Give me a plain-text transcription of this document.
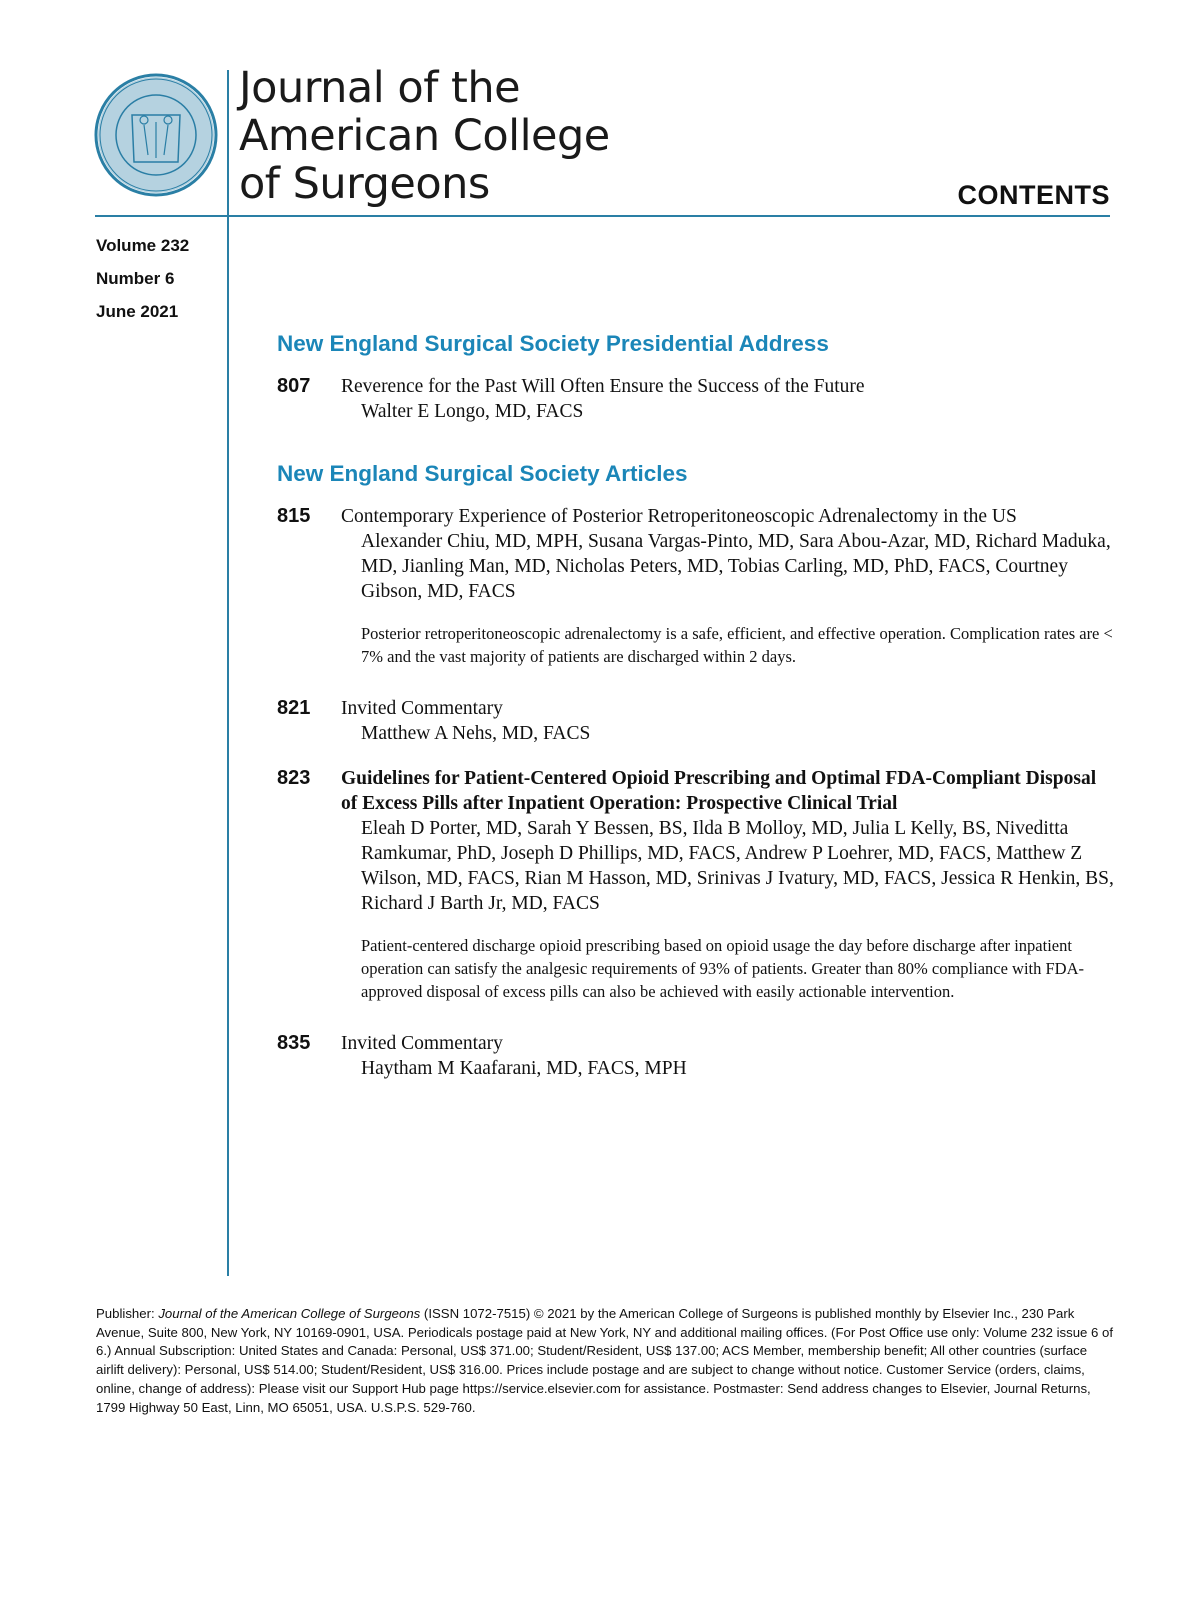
Journal of the
American College
of Surgeons	CONTENTS
Volume 232
Number 6
June 2021
New England Surgical Society Presidential Address
807 Reverence for the Past Will Often Ensure the Success of the Future
Walter E Longo, MD, FACS
New England Surgical Society Articles
815 Contemporary Experience of Posterior Retroperitoneoscopic Adrenalectomy in the US
Alexander Chiu, MD, MPH, Susana Vargas-Pinto, MD, Sara Abou-Azar, MD, Richard Maduka, MD, Jianling Man, MD, Nicholas Peters, MD, Tobias Carling, MD, PhD, FACS, Courtney Gibson, MD, FACS
Posterior retroperitoneoscopic adrenalectomy is a safe, efficient, and effective operation. Complication rates are < 7% and the vast majority of patients are discharged within 2 days.
821 Invited Commentary
Matthew A Nehs, MD, FACS
823 Guidelines for Patient-Centered Opioid Prescribing and Optimal FDA-Compliant Disposal of Excess Pills after Inpatient Operation: Prospective Clinical Trial
Eleah D Porter, MD, Sarah Y Bessen, BS, Ilda B Molloy, MD, Julia L Kelly, BS, Niveditta Ramkumar, PhD, Joseph D Phillips, MD, FACS, Andrew P Loehrer, MD, FACS, Matthew Z Wilson, MD, FACS, Rian M Hasson, MD, Srinivas J Ivatury, MD, FACS, Jessica R Henkin, BS, Richard J Barth Jr, MD, FACS
Patient-centered discharge opioid prescribing based on opioid usage the day before discharge after inpatient operation can satisfy the analgesic requirements of 93% of patients. Greater than 80% compliance with FDA-approved disposal of excess pills can also be achieved with easily actionable intervention.
835 Invited Commentary
Haytham M Kaafarani, MD, FACS, MPH
Publisher: Journal of the American College of Surgeons (ISSN 1072-7515) © 2021 by the American College of Surgeons is published monthly by Elsevier Inc., 230 Park Avenue, Suite 800, New York, NY 10169-0901, USA. Periodicals postage paid at New York, NY and additional mailing offices. (For Post Office use only: Volume 232 issue 6 of 6.) Annual Subscription: United States and Canada: Personal, US$ 371.00; Student/Resident, US$ 137.00; ACS Member, membership benefit; All other countries (surface airlift delivery): Personal, US$ 514.00; Student/Resident, US$ 316.00. Prices include postage and are subject to change without notice. Customer Service (orders, claims, online, change of address): Please visit our Support Hub page https://service.elsevier.com for assistance. Postmaster: Send address changes to Elsevier, Journal Returns, 1799 Highway 50 East, Linn, MO 65051, USA. U.S.P.S. 529-760.
